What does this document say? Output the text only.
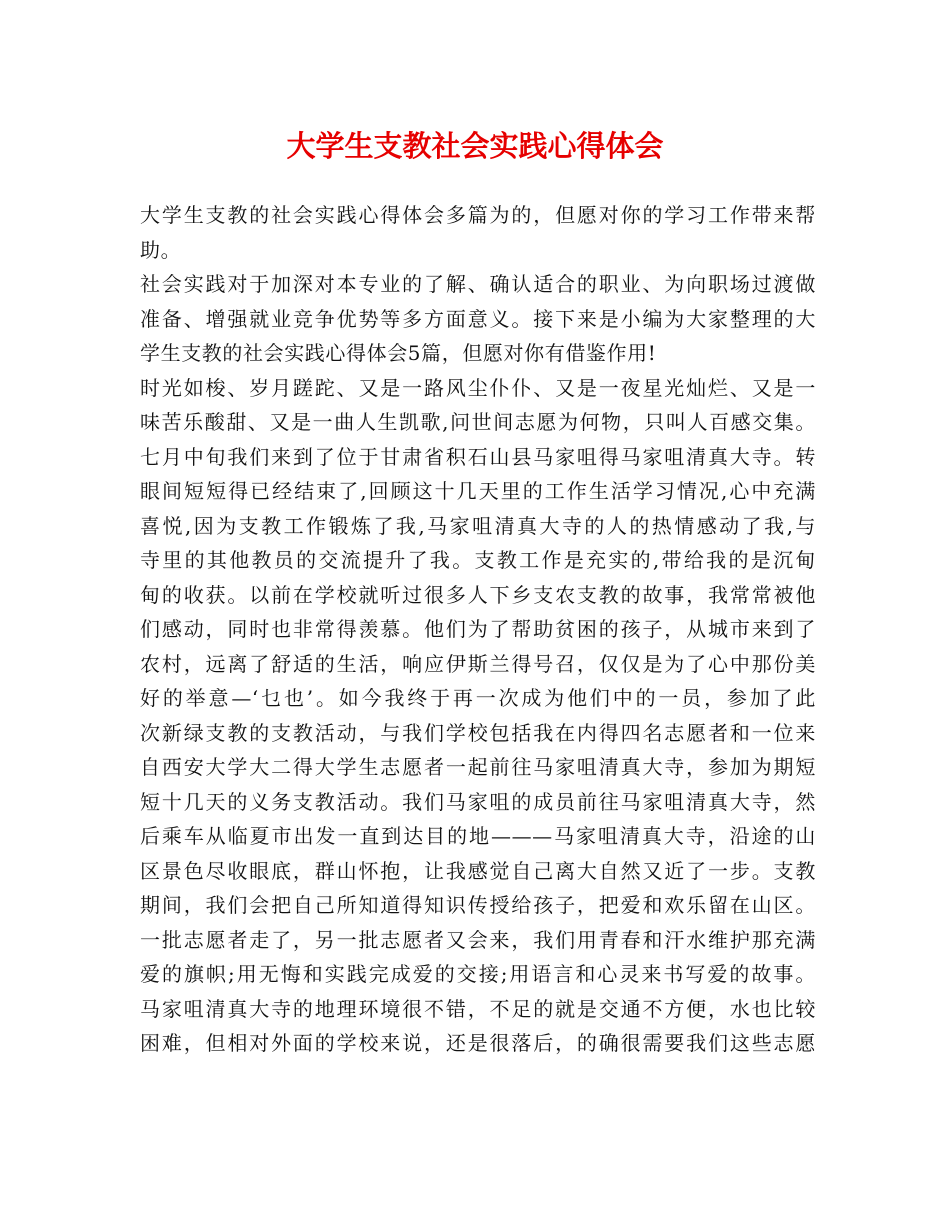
大学生支教社会实践心得体会
大学生支教的社会实践心得体会多篇为的，但愿对你的学习工作带来帮
助。
社会实践对于加深对本专业的了解、确认适合的职业、为向职场过渡做
准备、增强就业竞争优势等多方面意义。接下来是小编为大家整理的大
学生支教的社会实践心得体会5篇，但愿对你有借鉴作用!
时光如梭、岁月蹉跎、又是一路风尘仆仆、又是一夜星光灿烂、又是一
味苦乐酸甜、又是一曲人生凯歌,问世间志愿为何物，只叫人百感交集。
七月中旬我们来到了位于甘肃省积石山县马家咀得马家咀清真大寺。转
眼间短短得已经结束了,回顾这十几天里的工作生活学习情况,心中充满
喜悦,因为支教工作锻炼了我,马家咀清真大寺的人的热情感动了我,与
寺里的其他教员的交流提升了我。支教工作是充实的,带给我的是沉甸
甸的收获。以前在学校就听过很多人下乡支农支教的故事，我常常被他
们感动，同时也非常得羡慕。他们为了帮助贫困的孩子，从城市来到了
农村，远离了舒适的生活，响应伊斯兰得号召，仅仅是为了心中那份美
好的举意—‘乜也’。如今我终于再一次成为他们中的一员，参加了此
次新绿支教的支教活动，与我们学校包括我在内得四名志愿者和一位来
自西安大学大二得大学生志愿者一起前往马家咀清真大寺，参加为期短
短十几天的义务支教活动。我们马家咀的成员前往马家咀清真大寺，然
后乘车从临夏市出发一直到达目的地———马家咀清真大寺，沿途的山
区景色尽收眼底，群山怀抱，让我感觉自己离大自然又近了一步。支教
期间，我们会把自己所知道得知识传授给孩子，把爱和欢乐留在山区。
一批志愿者走了，另一批志愿者又会来，我们用青春和汗水维护那充满
爱的旗帜;用无悔和实践完成爱的交接;用语言和心灵来书写爱的故事。
马家咀清真大寺的地理环境很不错，不足的就是交通不方便，水也比较
困难，但相对外面的学校来说，还是很落后，的确很需要我们这些志愿
